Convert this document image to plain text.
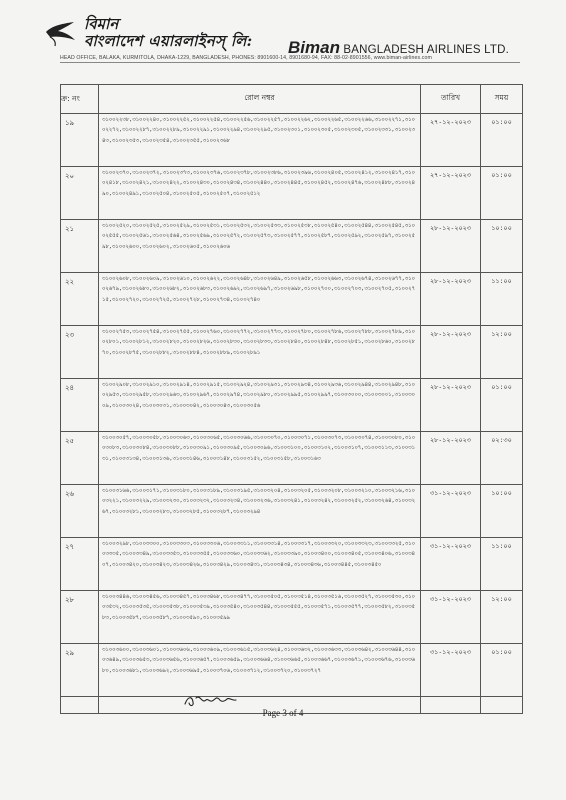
বিমান
বাংলাদেশ এয়ারলাইনস্ লি: Biman BANGLADESH AIRLINES LTD.
HEAD OFFICE, BALAKA, KURMITOLA, DHAKA-1229, BANGLADESH, PHONES: 8901600-14, 8901680-94, FAX: 88-02-8901556, www.biman-airlines.com
ক্র: নং	রোল নম্বর	তারিখ	সময়
১৯	৩১০০২২৩৮,৩১০০২২৪০,৩১০০২২৫২,৩১০০২২৫৪,৩১০০২২৫৬,৩১০০২২৫৭,৩১০০২২৬২,৩১০০২২৬৫,৩১০০২২৬৬,৩১০০২২৭১,৩১০০২২৭২,৩১০০২২৮৭,৩১০০২২৮৯,৩১০০২২৯১,৩১০০২২৯৪,৩১০০২২৯৫,৩১০০২৩০১,৩১০০২৩০৫,৩১০০২৩০৫,৩১০০২৩৩১,৩১০০২৩৪৩,৩১০০২৩৫৩,৩১০০২৩৫৪,৩১০০২৩৫৫,৩১০০২৩৬৮	২৭-১২-২০২৩	০১:০০
২০	৩১০০২৩৭০,৩১০০২৩৭২,৩১০০২৩৭৩,৩১০০২৩৭৬,৩১০০২৩৭৮,৩১০০২৩৮৬,৩১০০২৩৯৬,৩১০০২৪০৫,৩১০০২৪১২,৩১০০২৪১৭,৩১০০২৪১৮,৩১০০২৪২১,৩১০০২৪২২,৩১০০২৪৩০,৩১০০২৪৩৪,৩১০০২৪৪০,৩১০০২৪৪৫,৩১০০২৪৫২,৩১০০২৪৭৬,৩১০০২৪৮৮,৩১০০২৪৯০,৩১০০২৪৯১,৩১০০২৫০৪,৩১০০২৫০৫,৩১০০২৫০৭,৩১০০২৫১২	২৭-১২-২০২৩	০১:০০
২১	৩১০০২৫২০,৩১০০২৫২৫,৩১০০২৫২৯,৩১০০২৫৩১,৩১০০২৫৩২,৩১০০২৫৩৩,৩১০০২৫৩৮,৩১০০২৫৪০,৩১০০২৫৪৪,৩১০০২৫৪৫,৩১০০২৫৫৫,৩১০০২৫৬১,৩১০০২৫৬৪,৩১০০২৫৬৯,৩১০০২৫৭২,৩১০০২৫৭৩,৩১০০২৫৭৭,৩১০০২৫৮৭,৩১০০২৫৯২,৩১০০২৫৯৭,৩১০০২৫৯৮,৩১০০২৬০০,৩১০০২৬০২,৩১০০২৬০৫,৩১০০২৬০৬	২৮-১২-২০২৩	১০:০০
২২	৩১০০২৬০৮,৩১০০২৬০৯,৩১০০২৬১০,৩১০০২৬২২,৩১০০২৬৪৮,৩১০০২৬৪৯,৩১০০২৬৫৮,৩১০০২৬৬৩,৩১০০২৬৭৪,৩১০০২৬৭৭,৩১০০২৬৭৯,৩১০০২৬৮০,৩১০০২৬৮২,৩১০০২৬৮৩,৩১০০২৬৯২,৩১০০২৬৯৭,৩১০০২৬৯৮,৩১০০২৭০০,৩১০০২৭০৩,৩১০০২৭০৫,৩১০০২৭১৫,৩১০০২৭২০,৩১০০২৭২৫,৩১০০২৭২৮,৩১০০২৭৩৪,৩১০০২৭৪০	২৮-১২-২০২৩	১১:০০
২৩	৩১০০২৭৫৩,৩১০০২৭৫৪,৩১০০২৭৫৫,৩১০০২৭৬০,৩১০০২৭৭২,৩১০০২৭৭৩,৩১০০২৭৮০,৩১০০২৭৮৬,৩১০০২৭৮৮,৩১০০২৭৮৯,৩১০০২৮০১,৩১০০২৮১২,৩১০০২৮২০,৩১০০২৮২৬,৩১০০২৮৩০,৩১০০২৮৩৩,৩১০০২৮৪০,৩১০০২৮৪৮,৩১০০২৮৫১,৩১০০২৮৬০,৩১০০২৮৭০,৩১০০২৮৭৫,৩১০০২৮৮২,৩১০০২৮৮৪,৩১০০২৮৮৯,৩১০০২৮৯১	২৮-১২-২০২৩	১২:০০
২৪	৩১০০২৯০৮,৩১০০২৯১০,৩১০০২৯১৪,৩১০০২৯১৫,৩১০০২৯২৪,৩১০০২৯৩১,৩১০০২৯৩৪,৩১০০২৯৩৬,৩১০০২৯৪৪,৩১০০২৯৪৮,৩১০০২৯৫৩,৩১০০২৯৫৮,৩১০০২৯৬৩,৩১০০২৯৬৭,৩১০০২৯৭৪,৩১০০২৯৮০,৩১০০২৯৯৫,৩১০০২৯৯৭,৩১০০৩০০০,৩১০০৩০০১,৩১০০৩০০৯,৩১০০৩০২৪,৩১০০৩০৩১,৩১০০৩০৪২,৩১০০৩০৪৩,৩১০০৩০৫৬	২৮-১২-২০২৩	০১:০০
২৫	৩১০০৩০৫৭,৩১০০৩০৫৮,৩১০০৩০৬৩,৩১০০৩০৬৫,৩১০০৩০৬৬,৩১০০৩০৭০,৩১০০৩০৭১,৩১০০৩০৭৩,৩১০০৩০৭৪,৩১০০৩০৮০,৩১০০৩০৮৩,৩১০০৩০৮৪,৩১০০৩০৮৮,৩১০০৩০৯১,৩১০০৩০৯৫,৩১০০৩০৯৬,৩১০০৩১০০,৩১০০৩১০২,৩১০০৩১০৭,৩১০০৩১১৩,৩১০০৩১৩১,৩১০০৩১৩৪,৩১০০৩১৩৬,৩১০০৩১৪৬,৩১০০৩১৪৮,৩১০০৩১৫২,৩১০০৩১৫৮,৩১০০৩১৬৩	২৮-১২-২০২৩	০২:৩০
২৬	৩১০০৩১৬৬,৩১০০৩১৭১,৩১০০৩১৮০,৩১০০৩১৮৯,৩১০০৩১৯৫,৩১০০৩২০৪,৩১০০৩২০৫,৩১০০৩২০৮,৩১০০৩২১০,৩১০০৩২১৬,৩১০০৩২২১,৩১০০৩২২৯,৩১০০৩২৩০,৩১০০৩২৩২,৩১০০৩২৩৪,৩১০০৩২৩৬,৩১০০৩২৪১,৩১০০৩২৪২,৩১০০৩২৫২,৩১০০৩২৬৪,৩১০০৩২৬৭,৩১০০৩২৮১,৩১০০৩২৮৩,৩১০০৩২৮৫,৩১০০৩২৮৭,৩১০০৩২৯৪	৩১-১২-২০২৩	১০:০০
২৭	৩১০০৩২৯৮,৩১০০৩৩০০,৩১০০৩৩০৩,৩১০০৩৩০৬,৩১০০৩৩১১,৩১০০৩৩১৪,৩১০০৩৩১৭,৩১০০৩৩২০,৩১০০৩৩২৩,৩১০০৩৩২৫,৩১০০৩৩৩৫,৩১০০৩৩৪৯,৩১০০৩৩৫৩,৩১০০৩৩৫৫,৩১০০৩৩৬০,৩১০০৩৩৬২,৩১০০৩৩৯০,৩১০০৩৪০০,৩১০০৩৪০৫,৩১০০৩৪০৬,৩১০০৩৪০৭,৩১০০৩৪২০,৩১০০৩৪২৩,৩১০০৩৪২৬,৩১০০৩৪২৯,৩১০০৩৪৩১,৩১০০৩৪৩৪,৩১০০৩৪৩৬,৩১০০৩৪৪৫,৩১০০৩৪৫০	৩১-১২-২০২৩	১১:০০
২৮	৩১০০৩৪৪৬,৩১০০৩৪৫৬,৩১০০৩৪৫৭,৩১০০৩৪৬৮,৩১০০৩৪৭৭,৩১০০৩৫০৫,৩১০০৩৫১৪,৩১০০৩৫১৬,৩১০০৩৫২৭,৩১০০৩৫৩০,৩১০০৩৫৩২,৩১০০৩৫৩৫,৩১০০৩৫৩৮,৩১০০৩৫৩৯,৩১০০৩৫৪০,৩১০০৩৫৪৪,৩১০০৩৫৫৫,৩১০০৩৫৭১,৩১০০৩৫৭৭,৩১০০৩৫৮২,৩১০০৩৫৮৩,৩১০০৩৫৮৭,৩১০০৩৫৮৭,৩১০০৩৫৯০,৩১০০৩৫৯৯	৩১-১২-২০২৩	১২:০০
২৯	৩১০০৩৬০০,৩১০০৩৬০১,৩১০০৩৬০৬,৩১০০৩৬০৯,৩১০০৩৬১৫,৩১০০৩৬২৪,৩১০০৩৬৩২,৩১০০৩৬৩৩,৩১০০৩৬৪২,৩১০০৩৬৪৪,৩১০০৩৬৪৯,৩১০০৩৬৫৩,৩১০০৩৬৫৬,৩১০০৩৬৫৭,৩১০০৩৬৫৯,৩১০০৩৬৬৪,৩১০০৩৬৬৫,৩১০০৩৬৬৭,৩১০০৩৬৭১,৩১০০৩৬৭৬,৩১০০৩৬৮০,৩১০০৩৬৮১,৩১০০৩৬৯২,৩১০০৩৬৯৫,৩১০০৩৭০৬,৩১০০৩৭১২,৩১০০৩৭২০,৩১০০৩৭২৭	৩১-১২-২০২৩	০১:০০

Page 3 of 4
